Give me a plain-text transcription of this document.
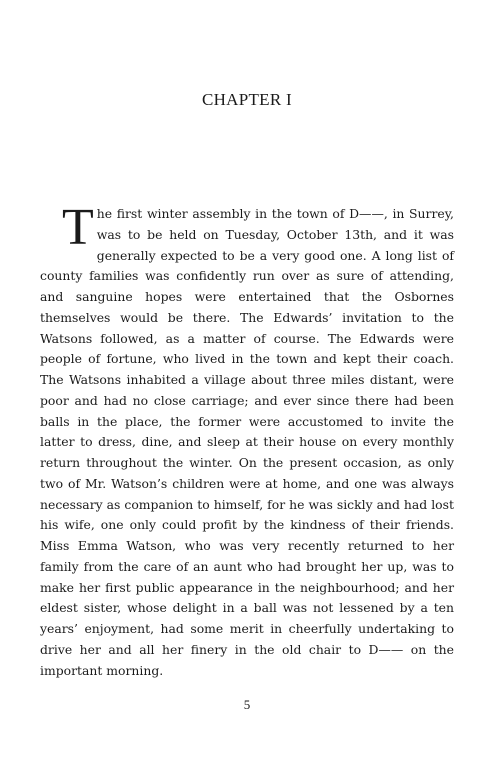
CHAPTER I

The first winter assembly in the town of D——, in Surrey, was to be held on Tuesday, October 13th, and it was generally expected to be a very good one. A long list of county families was confidently run over as sure of attending, and sanguine hopes were entertained that the Osbornes themselves would be there. The Edwards’ invitation to the Watsons followed, as a matter of course. The Edwards were people of fortune, who lived in the town and kept their coach. The Watsons inhabited a village about three miles distant, were poor and had no close carriage; and ever since there had been balls in the place, the former were accustomed to invite the latter to dress, dine, and sleep at their house on every monthly return throughout the winter. On the present occasion, as only two of Mr. Watson’s children were at home, and one was always necessary as companion to himself, for he was sickly and had lost his wife, one only could profit by the kindness of their friends. Miss Emma Watson, who was very recently returned to her family from the care of an aunt who had brought her up, was to make her first public appearance in the neighbourhood; and her eldest sister, whose delight in a ball was not lessened by a ten years’ enjoyment, had some merit in cheerfully undertaking to drive her and all her finery in the old chair to D—— on the important morning.

5
